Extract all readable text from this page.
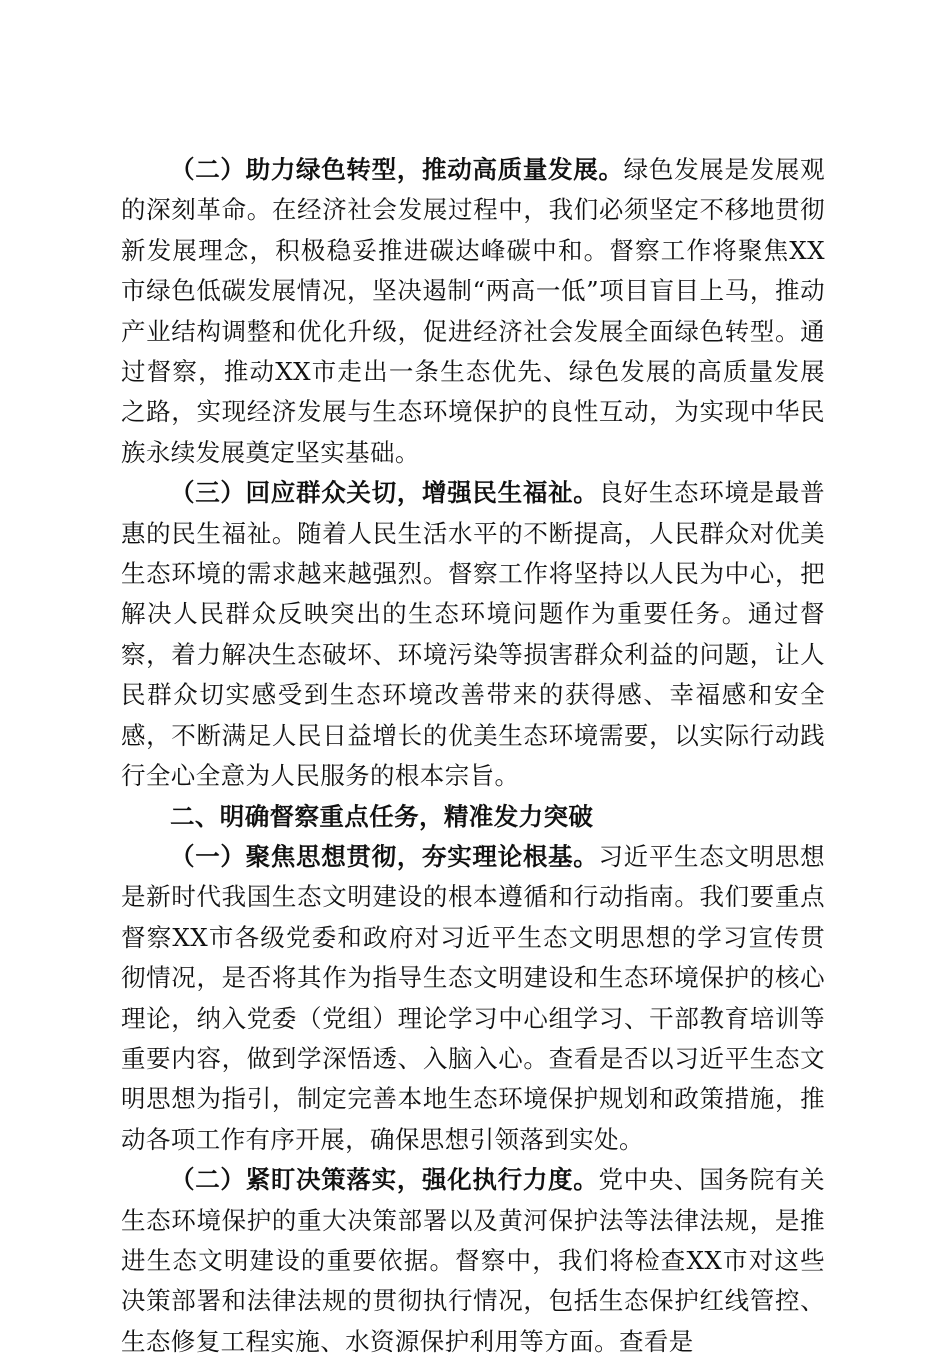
（二）助力绿色转型，推动高质量发展。绿色发展是发展观的深刻革命。在经济社会发展过程中，我们必须坚定不移地贯彻新发展理念，积极稳妥推进碳达峰碳中和。督察工作将聚焦XX市绿色低碳发展情况，坚决遏制“两高一低”项目盲目上马，推动产业结构调整和优化升级，促进经济社会发展全面绿色转型。通过督察，推动XX市走出一条生态优先、绿色发展的高质量发展之路，实现经济发展与生态环境保护的良性互动，为实现中华民族永续发展奠定坚实基础。

（三）回应群众关切，增强民生福祉。良好生态环境是最普惠的民生福祉。随着人民生活水平的不断提高，人民群众对优美生态环境的需求越来越强烈。督察工作将坚持以人民为中心，把解决人民群众反映突出的生态环境问题作为重要任务。通过督察，着力解决生态破坏、环境污染等损害群众利益的问题，让人民群众切实感受到生态环境改善带来的获得感、幸福感和安全感，不断满足人民日益增长的优美生态环境需要，以实际行动践行全心全意为人民服务的根本宗旨。

二、明确督察重点任务，精准发力突破

（一）聚焦思想贯彻，夯实理论根基。习近平生态文明思想是新时代我国生态文明建设的根本遵循和行动指南。我们要重点督察XX市各级党委和政府对习近平生态文明思想的学习宣传贯彻情况，是否将其作为指导生态文明建设和生态环境保护的核心理论，纳入党委（党组）理论学习中心组学习、干部教育培训等重要内容，做到学深悟透、入脑入心。查看是否以习近平生态文明思想为指引，制定完善本地生态环境保护规划和政策措施，推动各项工作有序开展，确保思想引领落到实处。

（二）紧盯决策落实，强化执行力度。党中央、国务院有关生态环境保护的重大决策部署以及黄河保护法等法律法规，是推进生态文明建设的重要依据。督察中，我们将检查XX市对这些决策部署和法律法规的贯彻执行情况，包括生态保护红线管控、生态修复工程实施、水资源保护利用等方面。查看是
